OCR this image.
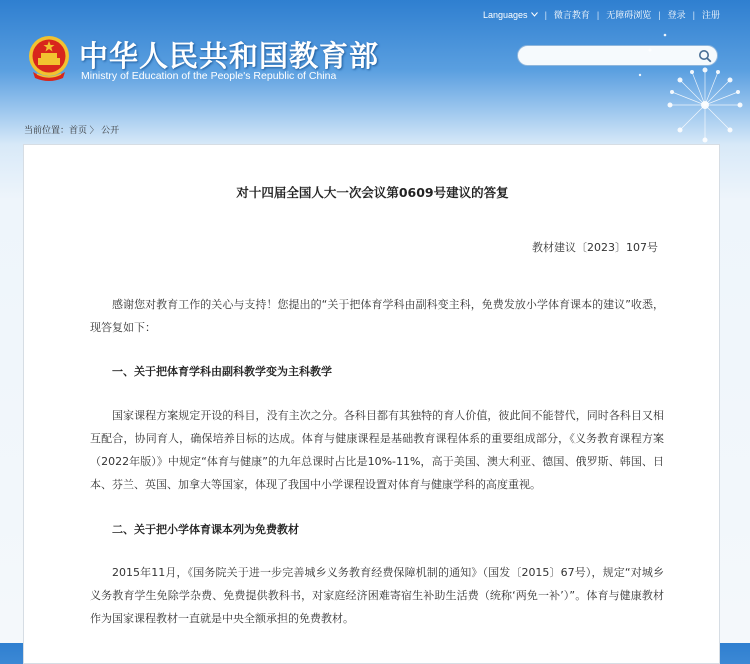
中华人民共和国教育部
Ministry of Education of the People's Republic of China
Languages | 微言教育 | 无障碍浏览 | 登录 | 注册
当前位置：首页 〉 公开
对十四届全国人大一次会议第0609号建议的答复
教材建议〔2023〕107号

感谢您对教育工作的关心与支持！您提出的“关于把体育学科由副科变主科，免费发放小学体育课本的建议”收悉，现答复如下：

一、关于把体育学科由副科教学变为主科教学

国家课程方案规定开设的科目，没有主次之分。各科目都有其独特的育人价值，彼此间不能替代，同时各科目又相互配合，协同育人，确保培养目标的达成。体育与健康课程是基础教育课程体系的重要组成部分，《义务教育课程方案（2022年版）》中规定“体育与健康”的九年总课时占比是10%-11%，高于美国、澳大利亚、德国、俄罗斯、韩国、日本、芬兰、英国、加拿大等国家，体现了我国中小学课程设置对体育与健康学科的高度重视。

二、关于把小学体育课本列为免费教材

2015年11月，《国务院关于进一步完善城乡义务教育经费保障机制的通知》（国发〔2015〕67号），规定“对城乡义务教育学生免除学杂费、免费提供教科书，对家庭经济困难寄宿生补助生活费（统称‘两免一补’）”。体育与健康教材作为国家课程教材一直就是中央全额承担的免费教材。
